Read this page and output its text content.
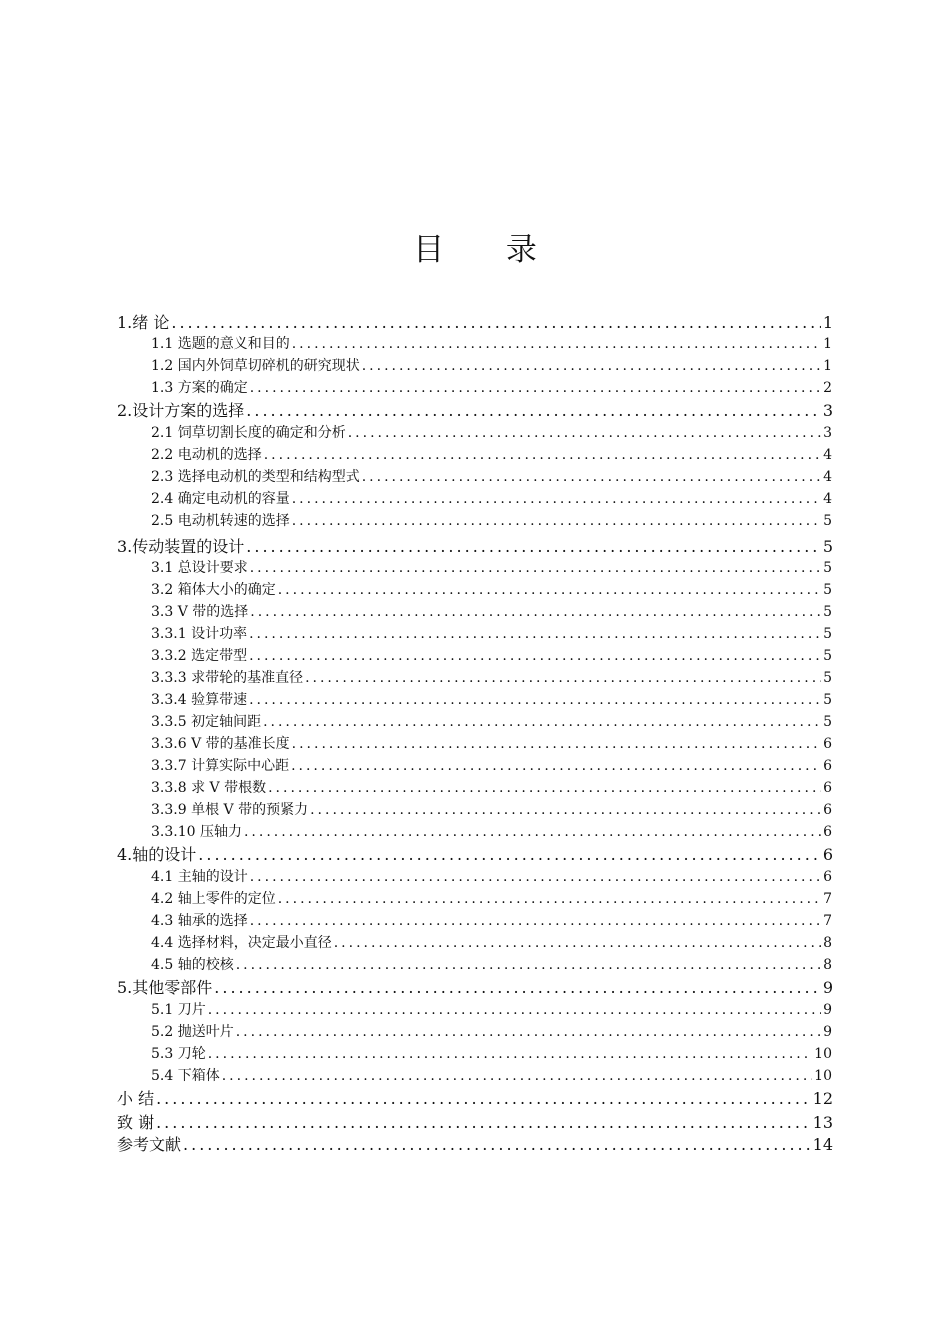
目 录
1.绪 论 .....	1
1.1 选题的意义和目的 .....	1
1.2 国内外饲草切碎机的研究现状 .....	1
1.3 方案的确定 .....	2
2.设计方案的选择 .....	3
2.1 饲草切割长度的确定和分析 .....	3
2.2 电动机的选择 .....	4
2.3 选择电动机的类型和结构型式 .....	4
2.4 确定电动机的容量 .....	4
2.5 电动机转速的选择 .....	5
3.传动装置的设计 .....	5
3.1 总设计要求 .....	5
3.2 箱体大小的确定 .....	5
3.3 V 带的选择 .....	5
3.3.1 设计功率 .....	5
3.3.2 选定带型 .....	5
3.3.3 求带轮的基准直径 .....	5
3.3.4 验算带速 .....	5
3.3.5 初定轴间距 .....	5
3.3.6 V 带的基准长度 .....	6
3.3.7 计算实际中心距 .....	6
3.3.8 求 V 带根数 .....	6
3.3.9 单根 V 带的预紧力 .....	6
3.3.10 压轴力 .....	6
4.轴的设计 .....	6
4.1 主轴的设计 .....	6
4.2 轴上零件的定位 .....	7
4.3 轴承的选择 .....	7
4.4 选择材料，决定最小直径 .....	8
4.5 轴的校核 .....	8
5.其他零部件 .....	9
5.1 刀片 .....	9
5.2 抛送叶片 .....	9
5.3 刀轮 .....	10
5.4 下箱体 .....	10
小 结 .....	12
致 谢 .....	13
参考文献 .....	14
